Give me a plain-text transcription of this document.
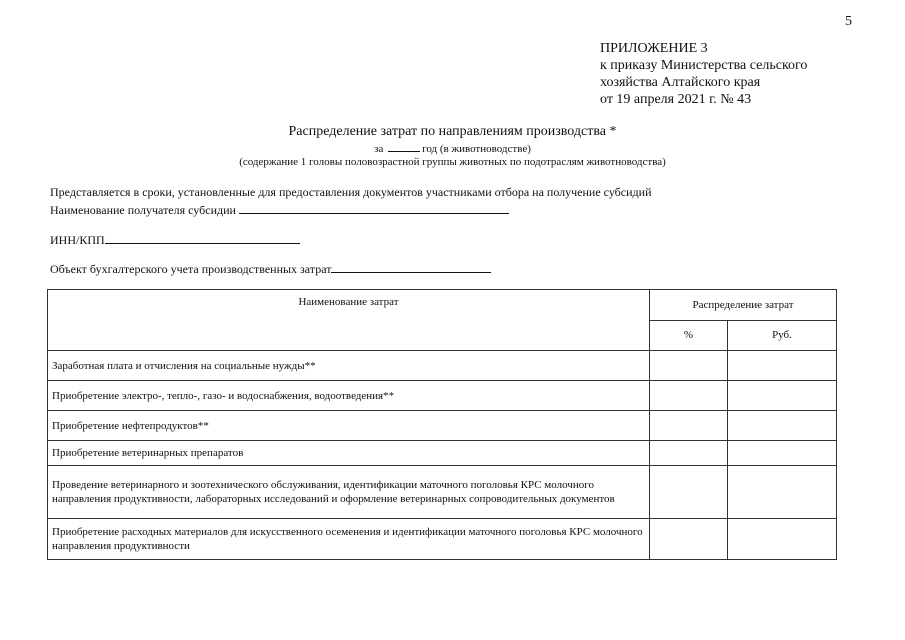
5
ПРИЛОЖЕНИЕ 3
к приказу Министерства сельского
хозяйства Алтайского края
от 19 апреля 2021 г. № 43
Распределение затрат по направлениям производства *
за	год (в животноводстве)
(содержание 1 головы половозрастной группы животных по подотраслям животноводства)
Представляется в сроки, установленные для предоставления документов участниками отбора на получение субсидий
Наименование получателя субсидии
ИНН/КПП
Объект бухгалтерского учета производственных затрат
Наименование затрат	Распределение затрат	
	%	Руб.
Заработная плата и отчисления на социальные нужды**		
Приобретение электро-, тепло-, газо- и водоснабжения, водоотведения**		
Приобретение нефтепродуктов**		
Приобретение ветеринарных препаратов		
Проведение ветеринарного и зоотехнического обслуживания, идентификации маточного поголовья КРС молочного направления продуктивности, лабораторных исследований и оформление ветеринарных сопроводительных документов		
Приобретение расходных материалов для искусственного осеменения и идентификации маточного поголовья КРС молочного направления продуктивности		
